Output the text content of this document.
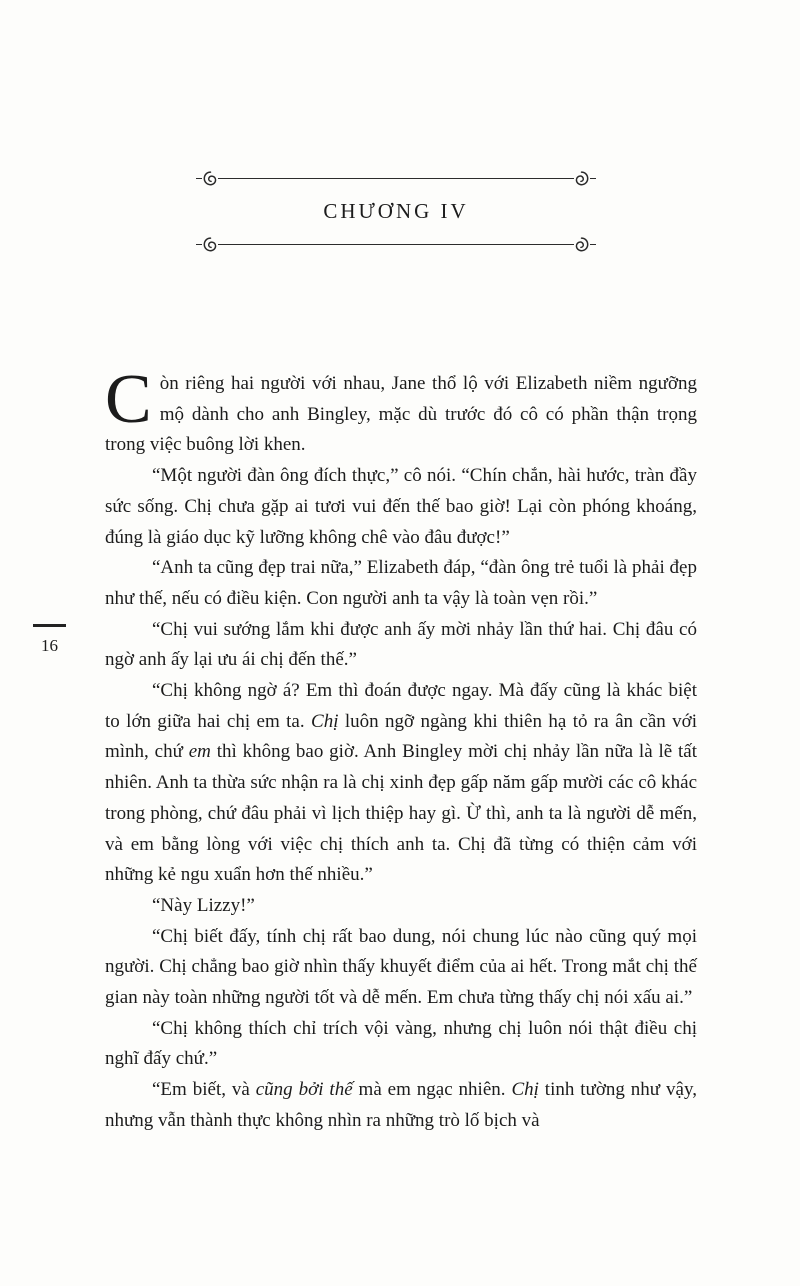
CHƯƠNG IV
16

Còn riêng hai người với nhau, Jane thổ lộ với Elizabeth niềm ngưỡng mộ dành cho anh Bingley, mặc dù trước đó cô có phần thận trọng trong việc buông lời khen.

“Một người đàn ông đích thực,” cô nói. “Chín chắn, hài hước, tràn đầy sức sống. Chị chưa gặp ai tươi vui đến thế bao giờ! Lại còn phóng khoáng, đúng là giáo dục kỹ lưỡng không chê vào đâu được!”

“Anh ta cũng đẹp trai nữa,” Elizabeth đáp, “đàn ông trẻ tuổi là phải đẹp như thế, nếu có điều kiện. Con người anh ta vậy là toàn vẹn rồi.”

“Chị vui sướng lắm khi được anh ấy mời nhảy lần thứ hai. Chị đâu có ngờ anh ấy lại ưu ái chị đến thế.”

“Chị không ngờ á? Em thì đoán được ngay. Mà đấy cũng là khác biệt to lớn giữa hai chị em ta. Chị luôn ngỡ ngàng khi thiên hạ tỏ ra ân cần với mình, chứ em thì không bao giờ. Anh Bingley mời chị nhảy lần nữa là lẽ tất nhiên. Anh ta thừa sức nhận ra là chị xinh đẹp gấp năm gấp mười các cô khác trong phòng, chứ đâu phải vì lịch thiệp hay gì. Ừ thì, anh ta là người dễ mến, và em bằng lòng với việc chị thích anh ta. Chị đã từng có thiện cảm với những kẻ ngu xuẩn hơn thế nhiều.”

“Này Lizzy!”

“Chị biết đấy, tính chị rất bao dung, nói chung lúc nào cũng quý mọi người. Chị chẳng bao giờ nhìn thấy khuyết điểm của ai hết. Trong mắt chị thế gian này toàn những người tốt và dễ mến. Em chưa từng thấy chị nói xấu ai.”

“Chị không thích chỉ trích vội vàng, nhưng chị luôn nói thật điều chị nghĩ đấy chứ.”

“Em biết, và cũng bởi thế mà em ngạc nhiên. Chị tinh tường như vậy, nhưng vẫn thành thực không nhìn ra những trò lố bịch và
